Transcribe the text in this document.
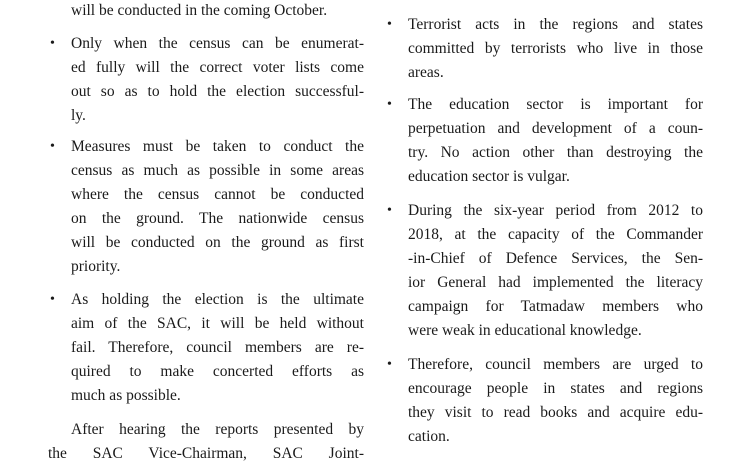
will be conducted in the coming October.
• Only when the census can be enumerat-
ed fully will the correct voter lists come
out so as to hold the election successful-
ly.
• Measures must be taken to conduct the
census as much as possible in some areas
where the census cannot be conducted
on the ground. The nationwide census
will be conducted on the ground as first
priority.
• As holding the election is the ultimate
aim of the SAC, it will be held without
fail. Therefore, council members are re-
quired to make concerted efforts as
much as possible.
After hearing the reports presented by
the SAC Vice-Chairman, SAC Joint-
• Terrorist acts in the regions and states
committed by terrorists who live in those
areas.
• The education sector is important for
perpetuation and development of a coun-
try. No action other than destroying the
education sector is vulgar.
• During the six-year period from 2012 to
2018, at the capacity of the Commander
-in-Chief of Defence Services, the Sen-
ior General had implemented the literacy
campaign for Tatmadaw members who
were weak in educational knowledge.
• Therefore, council members are urged to
encourage people in states and regions
they visit to read books and acquire edu-
cation.
